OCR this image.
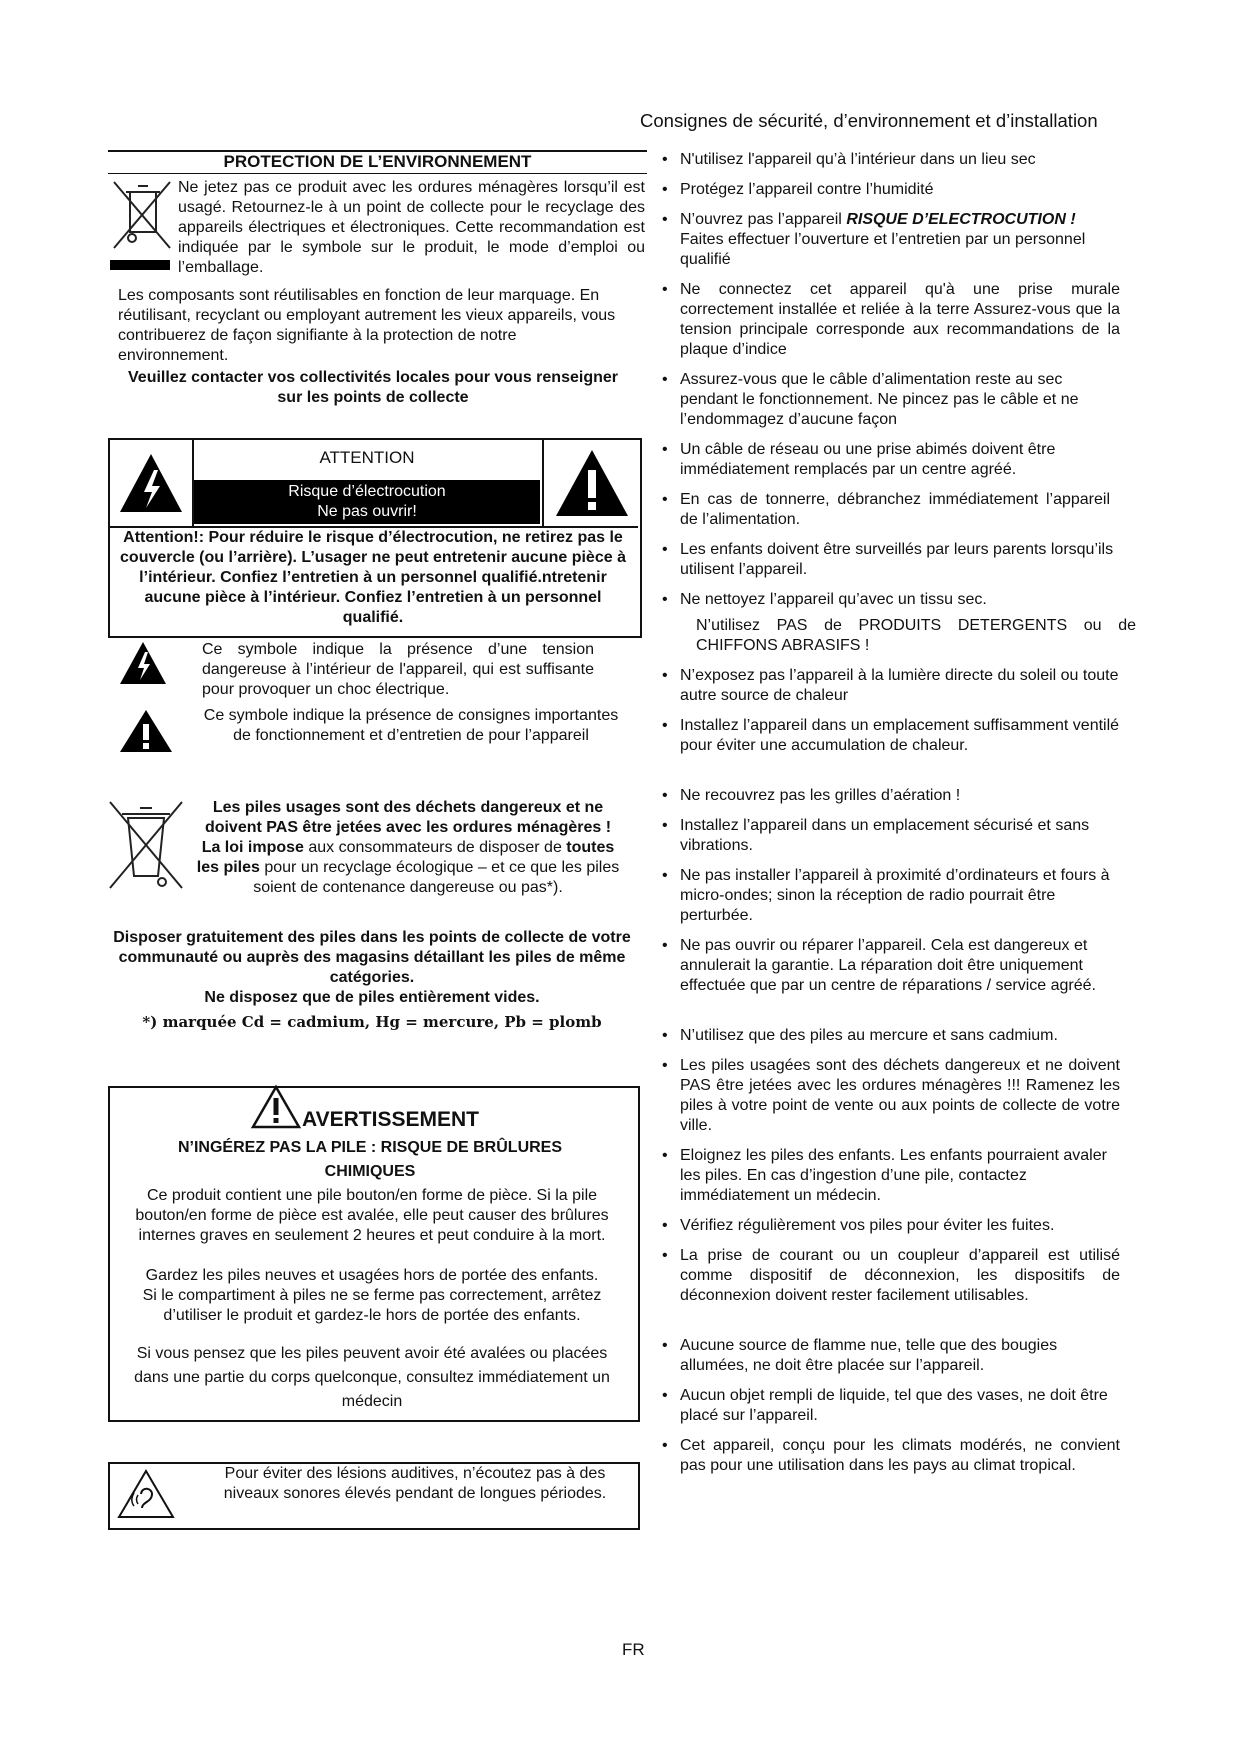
Consignes de sécurité, d’environnement et d’installation
PROTECTION DE L’ENVIRONNEMENT
Ne jetez pas ce produit avec les ordures ménagères lorsqu’il est usagé. Retournez-le à un point de collecte pour le recyclage des appareils électriques et électroniques. Cette recommandation est indiquée par le symbole sur le produit, le mode d’emploi ou l’emballage.
Les composants sont réutilisables en fonction de leur marquage. En réutilisant, recyclant ou employant autrement les vieux appareils, vous contribuerez de façon signifiante à la protection de notre environnement.
Veuillez contacter vos collectivités locales pour vous renseigner sur les points de collecte
ATTENTION
Risque d’électrocution
Ne pas ouvrir!
Attention!: Pour réduire le risque d’électrocution, ne retirez pas le couvercle (ou l’arrière). L’usager ne peut entretenir aucune pièce à l’intérieur. Confiez l’entretien à un personnel qualifié.ntretenir aucune pièce à l’intérieur. Confiez l’entretien à un personnel qualifié.
Ce symbole indique la présence d’une tension dangereuse à l’intérieur de l'appareil, qui est suffisante pour provoquer un choc électrique.
Ce symbole indique la présence de consignes importantes de fonctionnement et d’entretien de pour l’appareil
Les piles usages sont des déchets dangereux et ne doivent PAS être jetées avec les ordures ménagères ! La loi impose aux consommateurs de disposer de toutes les piles pour un recyclage écologique – et ce que les piles soient de contenance dangereuse ou pas*).
Disposer gratuitement des piles dans les points de collecte de votre communauté ou auprès des magasins détaillant les piles de même catégories.
Ne disposez que de piles entièrement vides.
*) marquée Cd = cadmium, Hg = mercure, Pb = plomb
AVERTISSEMENT
N’INGÉREZ PAS LA PILE : RISQUE DE BRÛLURES CHIMIQUES
Ce produit contient une pile bouton/en forme de pièce. Si la pile bouton/en forme de pièce est avalée, elle peut causer des brûlures internes graves en seulement 2 heures et peut conduire à la mort.
Gardez les piles neuves et usagées hors de portée des enfants.
Si le compartiment à piles ne se ferme pas correctement, arrêtez d’utiliser le produit et gardez-le hors de portée des enfants.
Si vous pensez que les piles peuvent avoir été avalées ou placées dans une partie du corps quelconque, consultez immédiatement un médecin
Pour éviter des lésions auditives, n’écoutez pas à des niveaux sonores élevés pendant de longues périodes.
• N'utilisez l'appareil qu’à l’intérieur dans un lieu sec
• Protégez l’appareil contre l’humidité
• N’ouvrez pas l’appareil RISQUE D’ELECTROCUTION ! Faites effectuer l’ouverture et l’entretien par un personnel qualifié
• Ne connectez cet appareil qu'à une prise murale correctement installée et reliée à la terre Assurez-vous que la tension principale corresponde aux recommandations de la plaque d’indice
• Assurez-vous que le câble d’alimentation reste au sec pendant le fonctionnement. Ne pincez pas le câble et ne l’endommagez d’aucune façon
• Un câble de réseau ou une prise abimés doivent être immédiatement remplacés par un centre agréé.
• En cas de tonnerre, débranchez immédiatement l’appareil de l’alimentation.
• Les enfants doivent être surveillés par leurs parents lorsqu’ils utilisent l’appareil.
• Ne nettoyez l’appareil qu’avec un tissu sec.
N’utilisez PAS de PRODUITS DETERGENTS ou de CHIFFONS ABRASIFS !
• N’exposez pas l’appareil à la lumière directe du soleil ou toute autre source de chaleur
• Installez l’appareil dans un emplacement suffisamment ventilé pour éviter une accumulation de chaleur.
• Ne recouvrez pas les grilles d’aération !
• Installez l’appareil dans un emplacement sécurisé et sans vibrations.
• Ne pas installer l’appareil à proximité d’ordinateurs et fours à micro-ondes; sinon la réception de radio pourrait être perturbée.
• Ne pas ouvrir ou réparer l’appareil. Cela est dangereux et annulerait la garantie. La réparation doit être uniquement effectuée que par un centre de réparations / service agréé.
• N’utilisez que des piles au mercure et sans cadmium.
• Les piles usagées sont des déchets dangereux et ne doivent PAS être jetées avec les ordures ménagères !!! Ramenez les piles à votre point de vente ou aux points de collecte de votre ville.
• Eloignez les piles des enfants. Les enfants pourraient avaler les piles. En cas d’ingestion d’une pile, contactez immédiatement un médecin.
• Vérifiez régulièrement vos piles pour éviter les fuites.
• La prise de courant ou un coupleur d’appareil est utilisé comme dispositif de déconnexion, les dispositifs de déconnexion doivent rester facilement utilisables.
• Aucune source de flamme nue, telle que des bougies allumées, ne doit être placée sur l’appareil.
• Aucun objet rempli de liquide, tel que des vases, ne doit être placé sur l’appareil.
• Cet appareil, conçu pour les climats modérés, ne convient pas pour une utilisation dans les pays au climat tropical.
FR
